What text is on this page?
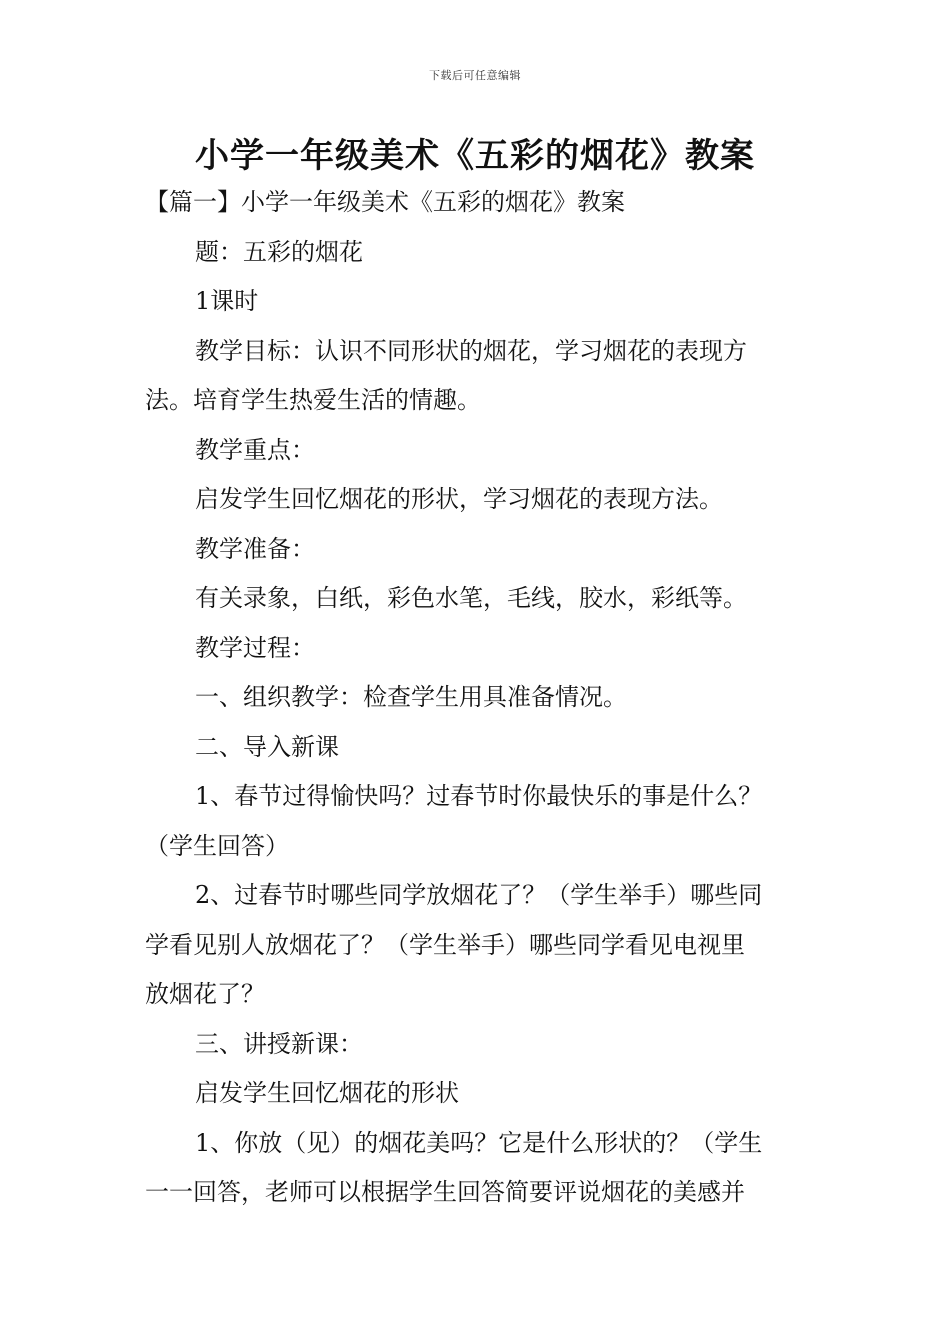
下载后可任意编辑
小学一年级美术《五彩的烟花》教案
【篇一】小学一年级美术《五彩的烟花》教案
题：五彩的烟花
1课时
教学目标：认识不同形状的烟花，学习烟花的表现方
法。培育学生热爱生活的情趣。
教学重点：
启发学生回忆烟花的形状，学习烟花的表现方法。
教学准备：
有关录象，白纸，彩色水笔，毛线，胶水，彩纸等。
教学过程：
一、组织教学：检查学生用具准备情况。
二、导入新课
1、春节过得愉快吗？过春节时你最快乐的事是什么？
（学生回答）
2、过春节时哪些同学放烟花了？（学生举手）哪些同
学看见别人放烟花了？（学生举手）哪些同学看见电视里
放烟花了？
三、讲授新课：
启发学生回忆烟花的形状
1、你放（见）的烟花美吗？它是什么形状的？（学生
一一回答，老师可以根据学生回答简要评说烟花的美感并
